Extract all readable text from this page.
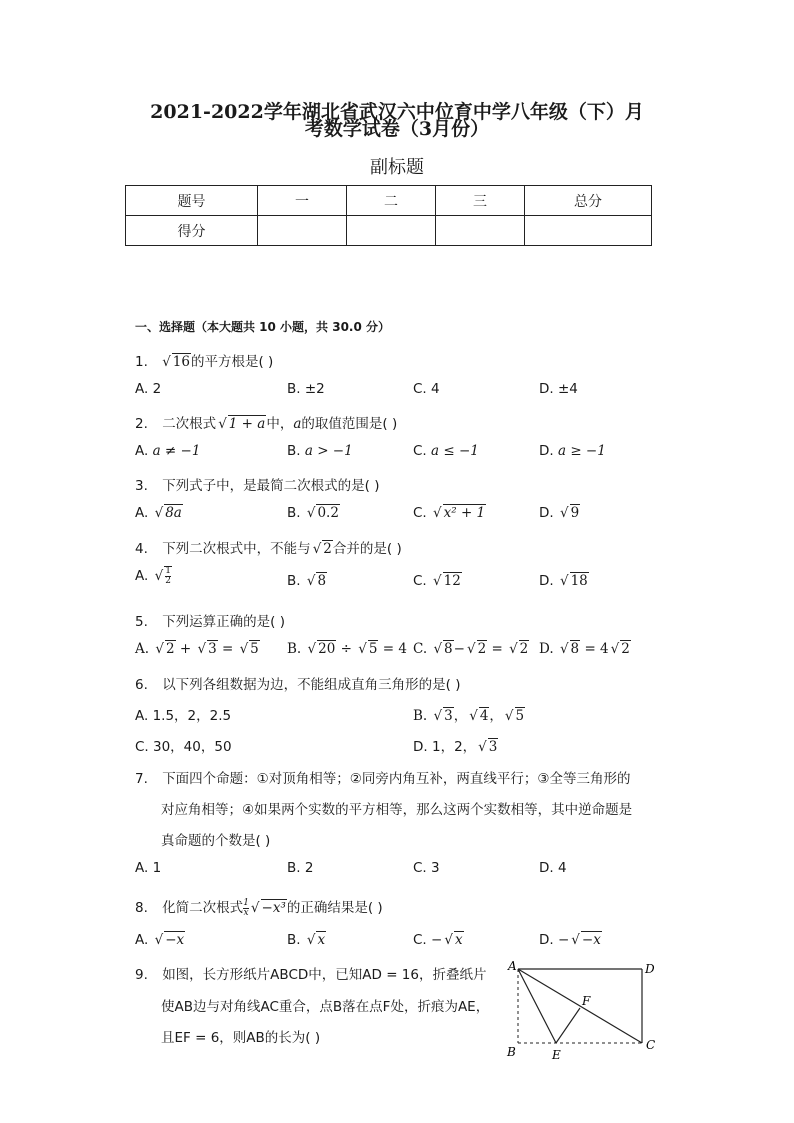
2021-2022学年湖北省武汉六中位育中学八年级（下）月
考数学试卷（3月份）
副标题
题号	一	二	三	总分
得分				
一、选择题（本大题共 10 小题，共 30.0 分）
1. √ 16的平方根是( )
A. 2	B. ±2	C. 4	D. ±4
2. 二次根式 √ 1 + a中，a的取值范围是( )
A. a ≠ −1	B. a > −1	C. a ≤ −1	D. a ≥ −1
3. 下列式子中，是最简二次根式的是( )
A. √ 8a	B. √ 0.2	C. √ x² + 1	D. √ 9
4. 下列二次根式中，不能与 √ 2合并的是( )
A. √ $\frac{1}{2}$	B. √ 8	C. √ 12	D. √ 18
5. 下列运算正确的是( )
A. √ 2 + √ 3 = √ 5 B. √ 20 ÷ √ 5 = 4 C. √ 8− √ 2 = √ 2 D. √ 8 = 4 √ 2
6. 以下列各组数据为边，不能组成直角三角形的是( )
A. 1.5，2，2.5	B. √ 3， √ 4， √ 5
C. 30，40，50	D. 1，2， √ 3
7. 下面四个命题：①对顶角相等；②同旁内角互补，两直线平行；③全等三角形的
对应角相等；④如果两个实数的平方相等，那么这两个实数相等，其中逆命题是
真命题的个数是( )
A. 1	B. 2	C. 3	D. 4
8. 化简二次根式 $\frac{1}{x}$ √ −x³的正确结果是( )
A. √ −x	B. √ x	C. − √ x	D. − √ −x
9. 如图，长方形纸片ABCD中，已知AD = 16，折叠纸片
使AB边与对角线AC重合，点B落在点F处，折痕为AE，
且EF = 6，则AB的长为( )
A	D
F
B	E
C
